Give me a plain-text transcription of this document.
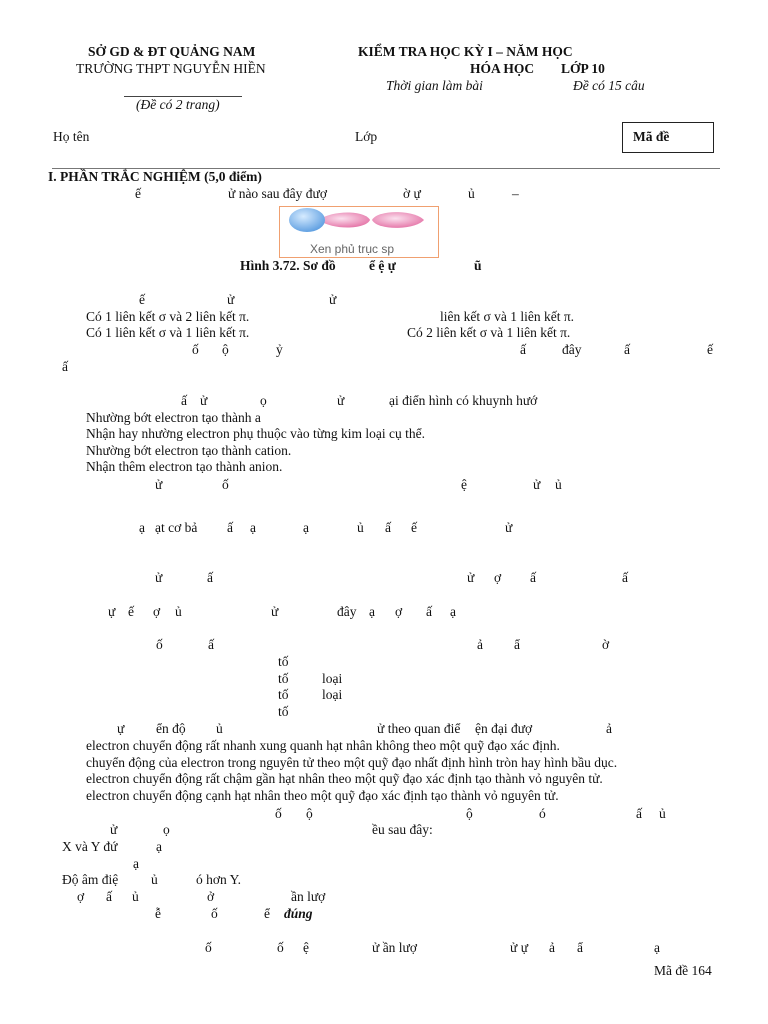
SỞ GD & ĐT QUẢNG NAM
TRƯỜNG THPT NGUYỄN HIỀN
(Đề có 2 trang)
KIỂM TRA HỌC KỲ I – NĂM HỌC
HÓA HỌC LỚP 10
Thời gian làm bài	Đề có 15 câu
Họ tên	Lớp	Mã đề
I. PHẦN TRẮC NGHIỆM (5,0 điểm)
ế	ử nào sau đây đượ	ờ ự	ủ	–
Xen phủ trục sp
Hình 3.72. Sơ đồ ể ệ ự	ũ
ế	ử	ử
Có 1 liên kết σ và 2 liên kết π.	liên kết σ và 1 liên kết π.
Có 1 liên kết σ và 1 liên kết π.	Có 2 liên kết σ và 1 liên kết π.
ố ộ	ỷ	ấ	đây	ấ	ế
ấ
ấ ử	ọ	ử	ại điển hình có khuynh hướ
Nhường bớt electron tạo thành a
Nhận hay nhường electron phụ thuộc vào từng kim loại cụ thể.
Nhường bớt electron tạo thành cation.
Nhận thêm electron tạo thành anion.
ử	ố	ệ	ử ủ
ạ ạt cơ bả ấ ạ	ạ	ủ ấ ế	ử
ử	ấ	ử ợ ấ	ấ
ự ế ợ ủ	ử	đây ạ ợ ấ ạ
ố	ấ	ả ẩ	ờ
tố
tố loại
tố loại
tố
ự ển độ ủ	ử theo quan điể ện đại đượ	ả
electron chuyển động rất nhanh xung quanh hạt nhân không theo một quỹ đạo xác định.
chuyển động của electron trong nguyên tử theo một quỹ đạo nhất định hình tròn hay hình bầu dục.
electron chuyển động rất chậm gần hạt nhân theo một quỹ đạo xác định tạo thành vỏ nguyên tử.
electron chuyển động cạnh hạt nhân theo một quỹ đạo xác định tạo thành vỏ nguyên tử.
ố ộ	ộ	ó	ấ ủ
ử	ọ	ều sau đây:
X và Y đứ	ạ
ạ
Độ âm điệ ủ	ó hơn Y.
ợ ấ ủ	ở	ần lượ
ễ	ố	ể đúng
ố	ố ệ	ử ần lượ	ử ự ả ẩ	ạ
Mã đề 164
